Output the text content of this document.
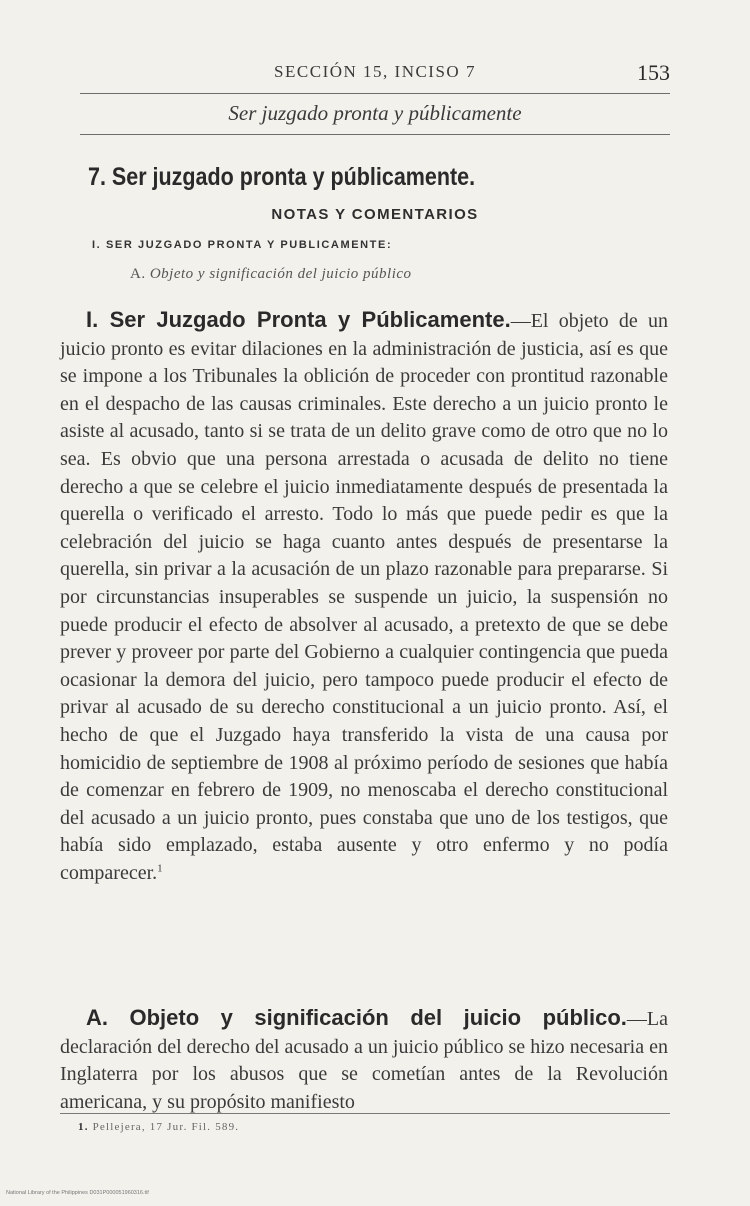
SECCIÓN 15, INCISO 7	153
Ser juzgado pronta y públicamente
7. Ser juzgado pronta y públicamente.
NOTAS Y COMENTARIOS
I. SER JUZGADO PRONTA Y PUBLICAMENTE:
A. Objeto y significación del juicio público

I. Ser Juzgado Pronta y Públicamente.—El objeto de un juicio pronto es evitar dilaciones en la administración de justicia, así es que se impone a los Tribunales la oblición de proceder con prontitud razonable en el despacho de las causas criminales. Este derecho a un juicio pronto le asiste al acusado, tanto si se trata de un delito grave como de otro que no lo sea. Es obvio que una persona arrestada o acusada de delito no tiene derecho a que se celebre el juicio inmediatamente después de presentada la querella o verificado el arresto. Todo lo más que puede pedir es que la celebración del juicio se haga cuanto antes después de presentarse la querella, sin privar a la acusación de un plazo razonable para prepararse. Si por circunstancias insuperables se suspende un juicio, la suspensión no puede producir el efecto de absolver al acusado, a pretexto de que se debe prever y proveer por parte del Gobierno a cualquier contingencia que pueda ocasionar la demora del juicio, pero tampoco puede producir el efecto de privar al acusado de su derecho constitucional a un juicio pronto. Así, el hecho de que el Juzgado haya transferido la vista de una causa por homicidio de septiembre de 1908 al próximo período de sesiones que había de comenzar en febrero de 1909, no menoscaba el derecho constitucional del acusado a un juicio pronto, pues constaba que uno de los testigos, que había sido emplazado, estaba ausente y otro enfermo y no podía comparecer.$^1$

A. Objeto y significación del juicio público.—La declaración del derecho del acusado a un juicio público se hizo necesaria en Inglaterra por los abusos que se cometían antes de la Revolución americana, y su propósito manifiesto

1. Pellejera, 17 Jur. Fil. 589.
National Library of the Philippines D031P000051960316.tif
